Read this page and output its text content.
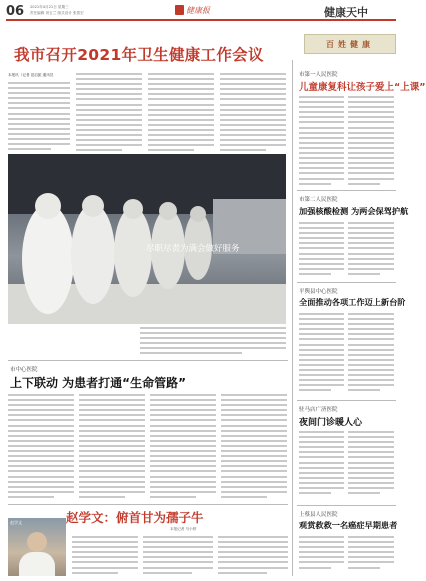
06 2021年4月21日 星期三
责任编辑 刘玉兰 版式设计 张善宏	健康报	健康天中
我市召开2021年卫生健康工作会议
百姓健康
本报讯（记者 范启振 通讯员
尽职尽责为满会做好服务
市第一人民医院
儿童康复科让孩子爱上“上课”
市第二人民医院
加强核酸检测 为两会保驾护航
平舆县中心医院
全面推动各项工作迈上新台阶
驻马店广济医院
夜间门诊暖人心
上蔡县人民医院
观赏救救一名癌症早期患者
市中心医院
上下联动 为患者打通“生命管路”
赵学文：俯首甘为孺子牛
本报记者 马小婷
赵学文
